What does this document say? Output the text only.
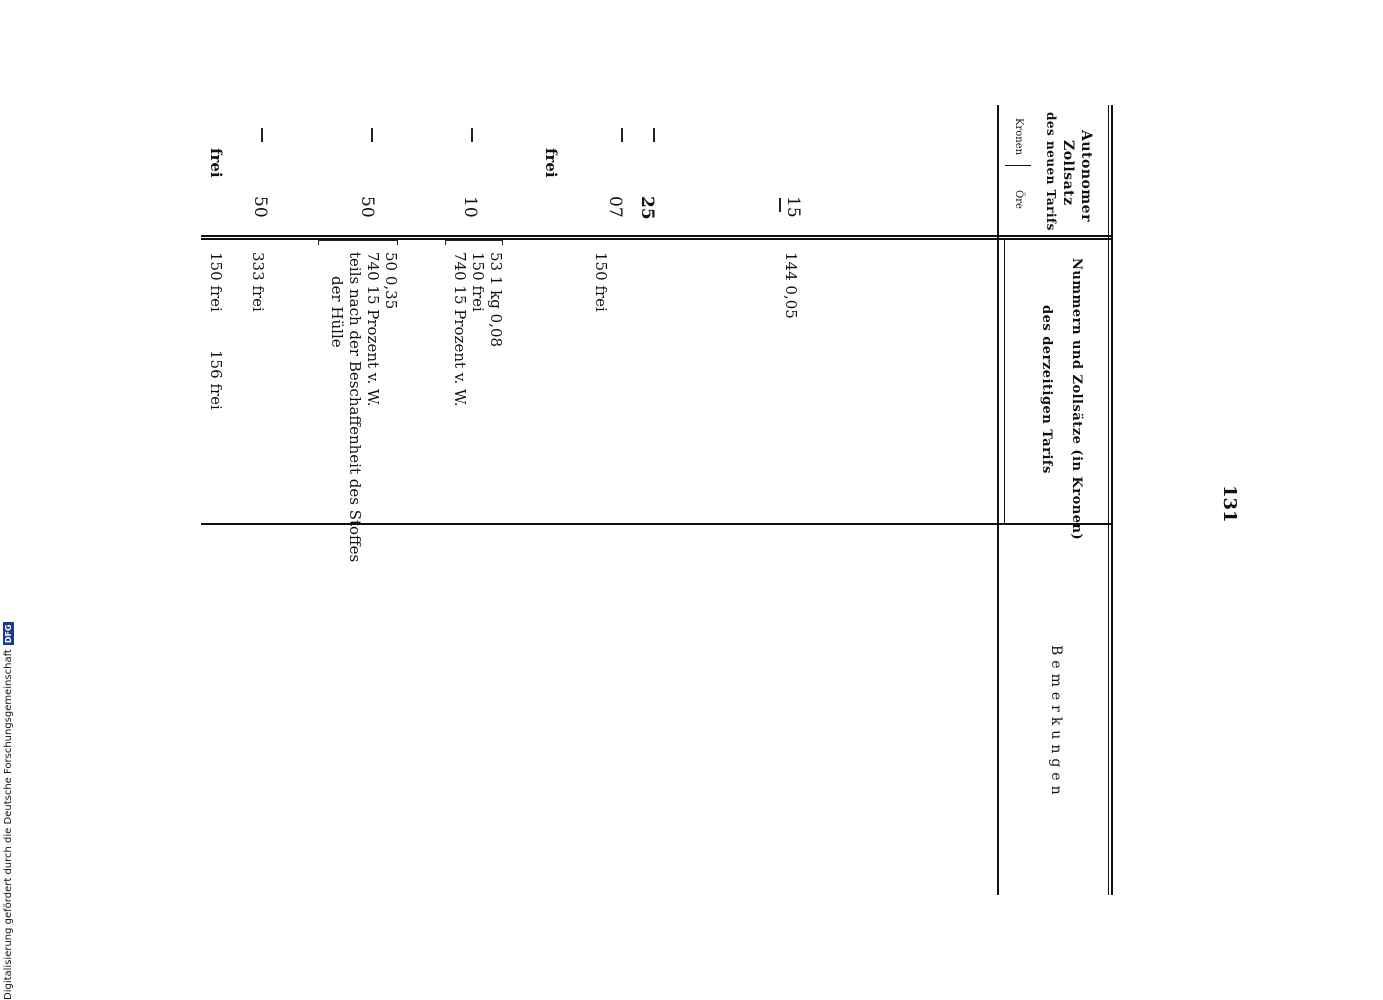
131
Autonomer
Zollsatz
des neuen Tarifs
Kronen
Öre
Nummern und Zollsätze (in Kronen)
des derzeitigen Tarifs
Bemerkungen
15
144 0,05
25
07
150 frei
frei
10
53 1 kg 0,08
150 frei
740 15 Prozent v. W.
50
50 0,35
740 15 Prozent v. W.
teils nach der Beschaffenheit des Stoffes
der Hülle
50
333 frei
frei
150 frei
156 frei
Digitalisierung gefördert durch die Deutsche Forschungsgemeinschaft
DFG
